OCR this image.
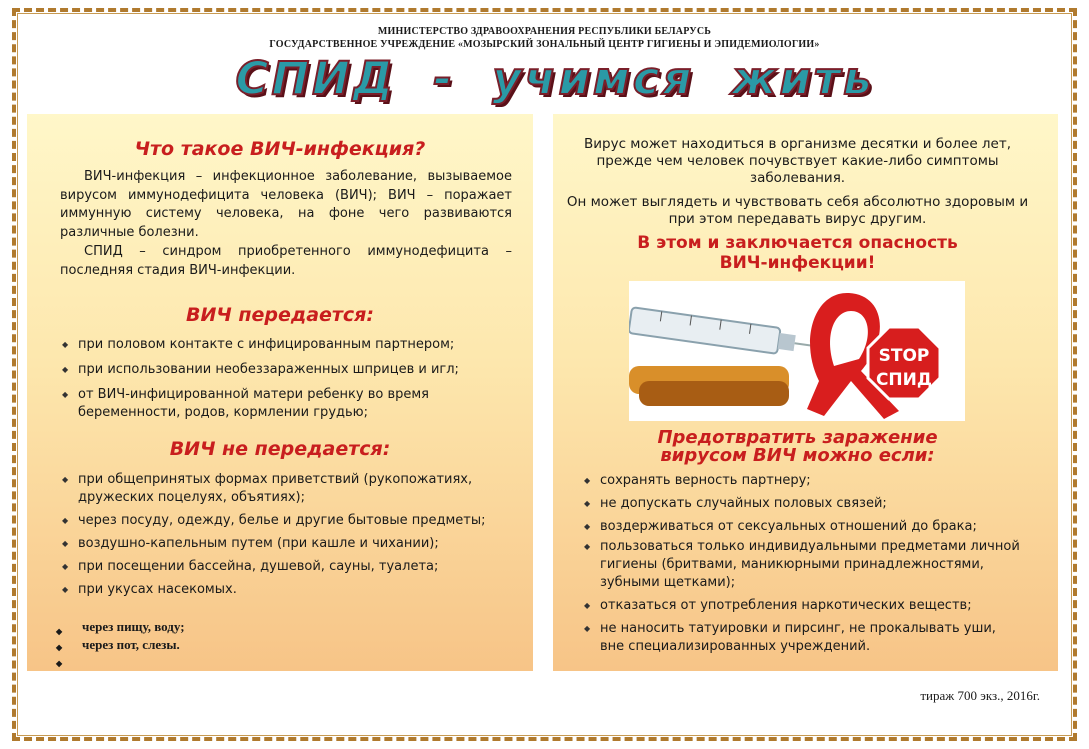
МИНИСТЕРСТВО ЗДРАВООХРАНЕНИЯ РЕСПУБЛИКИ БЕЛАРУСЬ
ГОСУДАРСТВЕННОЕ УЧРЕЖДЕНИЕ «МОЗЫРСКИЙ ЗОНАЛЬНЫЙ ЦЕНТР ГИГИЕНЫ И ЭПИДЕМИОЛОГИИ»
СПИД  -  учимся  жить
Что такое ВИЧ-инфекция?
ВИЧ-инфекция – инфекционное заболевание, вызываемое вирусом иммунодефицита человека (ВИЧ); ВИЧ – поражает иммунную систему человека, на фоне чего развиваются различные болезни.
СПИД – синдром приобретенного иммунодефицита – последняя стадия ВИЧ-инфекции.
ВИЧ передается:
◆ при половом контакте с инфицированным партнером;
◆ при использовании необеззараженных шприцев и игл;
◆ от ВИЧ-инфицированной матери ребенку во время беременности, родов, кормлении грудью;
ВИЧ не передается:
◆ при общепринятых формах приветствий (рукопожатиях, дружеских поцелуях, объятиях);
◆ через посуду, одежду, белье и другие бытовые предметы;
◆ воздушно-капельным путем (при кашле и чихании);
◆ при посещении бассейна, душевой, сауны, туалета;
◆ при укусах насекомых.
◆	через пищу, воду;
◆	через пот, слезы.
◆
Вирус может находиться в организме десятки и более лет, прежде чем человек почувствует какие-либо симптомы заболевания.
Он может выглядеть и чувствовать себя абсолютно здоровым и при этом передавать вирус другим.
В этом и заключается опасность
ВИЧ-инфекции!
STOP
СПИД
Предотвратить заражение
вирусом ВИЧ можно если:
◆ сохранять верность партнеру;
◆ не допускать случайных половых связей;
◆ воздерживаться от сексуальных отношений до брака;
◆ пользоваться только индивидуальными предметами личной гигиены (бритвами, маникюрными принадлежностями, зубными щетками);
◆ отказаться от употребления наркотических веществ;
◆ не наносить татуировки и пирсинг, не прокалывать уши, вне специализированных учреждений.
тираж 700 экз., 2016г.
